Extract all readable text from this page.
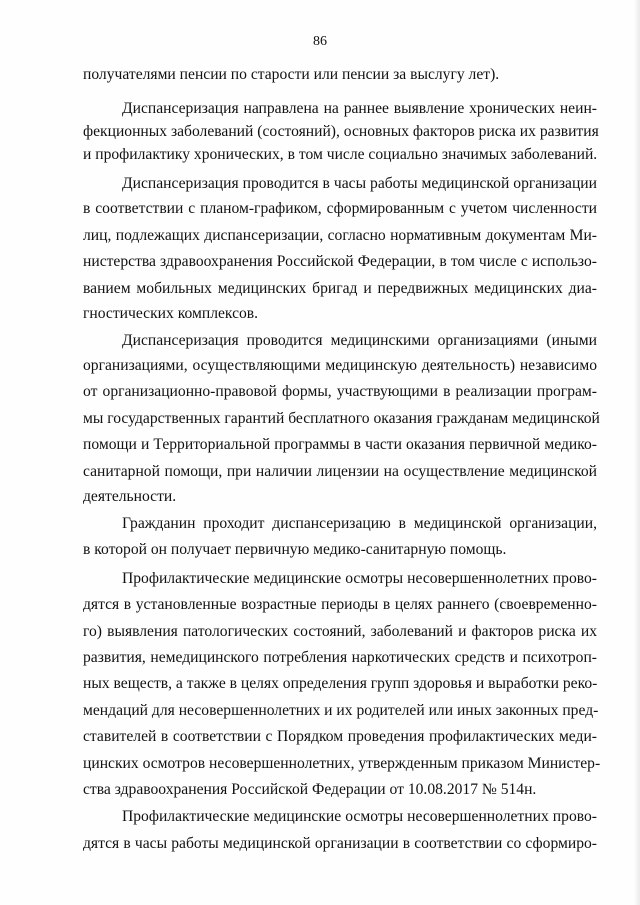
86
получателями пенсии по старости или пенсии за выслугу лет).
Диспансеризация направлена на раннее выявление хронических неин-
фекционных заболеваний (состояний), основных факторов риска их развития
и профилактику хронических, в том числе социально значимых заболеваний.
Диспансеризация проводится в часы работы медицинской организации
в соответствии с планом-графиком, сформированным с учетом численности
лиц, подлежащих диспансеризации, согласно нормативным документам Ми-
нистерства здравоохранения Российской Федерации, в том числе с использо-
ванием мобильных медицинских бригад и передвижных медицинских диа-
гностических комплексов.
Диспансеризация проводится медицинскими организациями (иными
организациями, осуществляющими медицинскую деятельность) независимо
от организационно-правовой формы, участвующими в реализации програм-
мы государственных гарантий бесплатного оказания гражданам медицинской
помощи и Территориальной программы в части оказания первичной медико-
санитарной помощи, при наличии лицензии на осуществление медицинской
деятельности.
Гражданин проходит диспансеризацию в медицинской организации,
в которой он получает первичную медико-санитарную помощь.
Профилактические медицинские осмотры несовершеннолетних прово-
дятся в установленные возрастные периоды в целях раннего (своевременно-
го) выявления патологических состояний, заболеваний и факторов риска их
развития, немедицинского потребления наркотических средств и психотроп-
ных веществ, а также в целях определения групп здоровья и выработки реко-
мендаций для несовершеннолетних и их родителей или иных законных пред-
ставителей в соответствии с Порядком проведения профилактических меди-
цинских осмотров несовершеннолетних, утвержденным приказом Министер-
ства здравоохранения Российской Федерации от 10.08.2017 № 514н.
Профилактические медицинские осмотры несовершеннолетних прово-
дятся в часы работы медицинской организации в соответствии со сформиро-
